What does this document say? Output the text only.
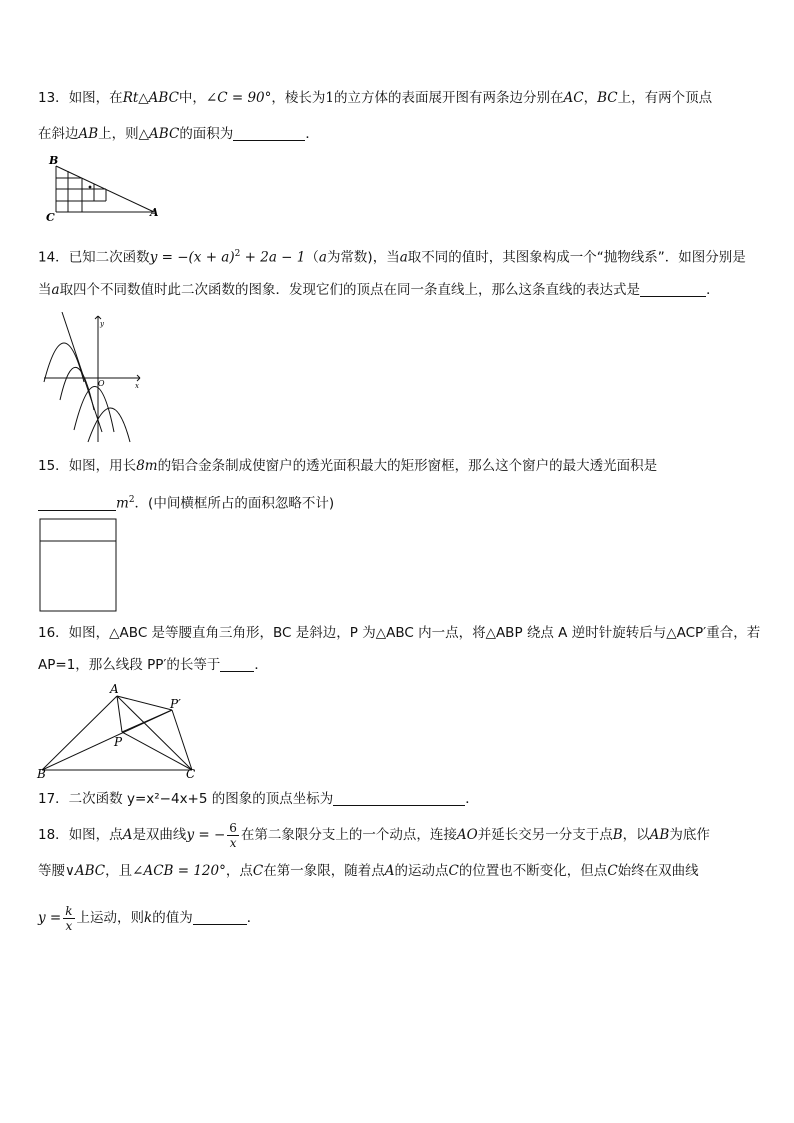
13．如图，在Rt△ABC中，∠C = 90°，棱长为1的立方体的表面展开图有两条边分别在AC，BC上，有两个顶点
在斜边AB上，则△ABC的面积为	．
B
C	A
14．已知二次函数$y = -(x + a)^2 + 2a - 1(a$为常数)，当a取不同的值时，其图象构成一个“抛物线系”．如图分别是
当a取四个不同数值时此二次函数的图象．发现它们的顶点在同一条直线上，那么这条直线的表达式是	．
y
x
O
15．如图，用长8m的铝合金条制成使窗户的透光面积最大的矩形窗框，那么这个窗户的最大透光面积是
$m^2$．(中间横框所占的面积忽略不计)
16．如图，△ABC 是等腰直角三角形，BC 是斜边，P 为△ABC 内一点，将△ABP 绕点 A 逆时针旋转后与△ACP′重合，若
AP=1，那么线段 PP′的长等于	．
A
P′
P
B	C
17．二次函数 y=x²−4x+5 的图象的顶点坐标为	．
18．如图，点A是双曲线y = − $\frac{6}{x}$ 在第二象限分支上的一个动点，连接AO并延长交另一分支于点B，以AB为底作
等腰∨ABC，且∠ACB = 120°，点C在第一象限，随着点A的运动点C的位置也不断变化，但点C始终在双曲线
$y = \frac{k}{x}$ 上运动，则k的值为	．
